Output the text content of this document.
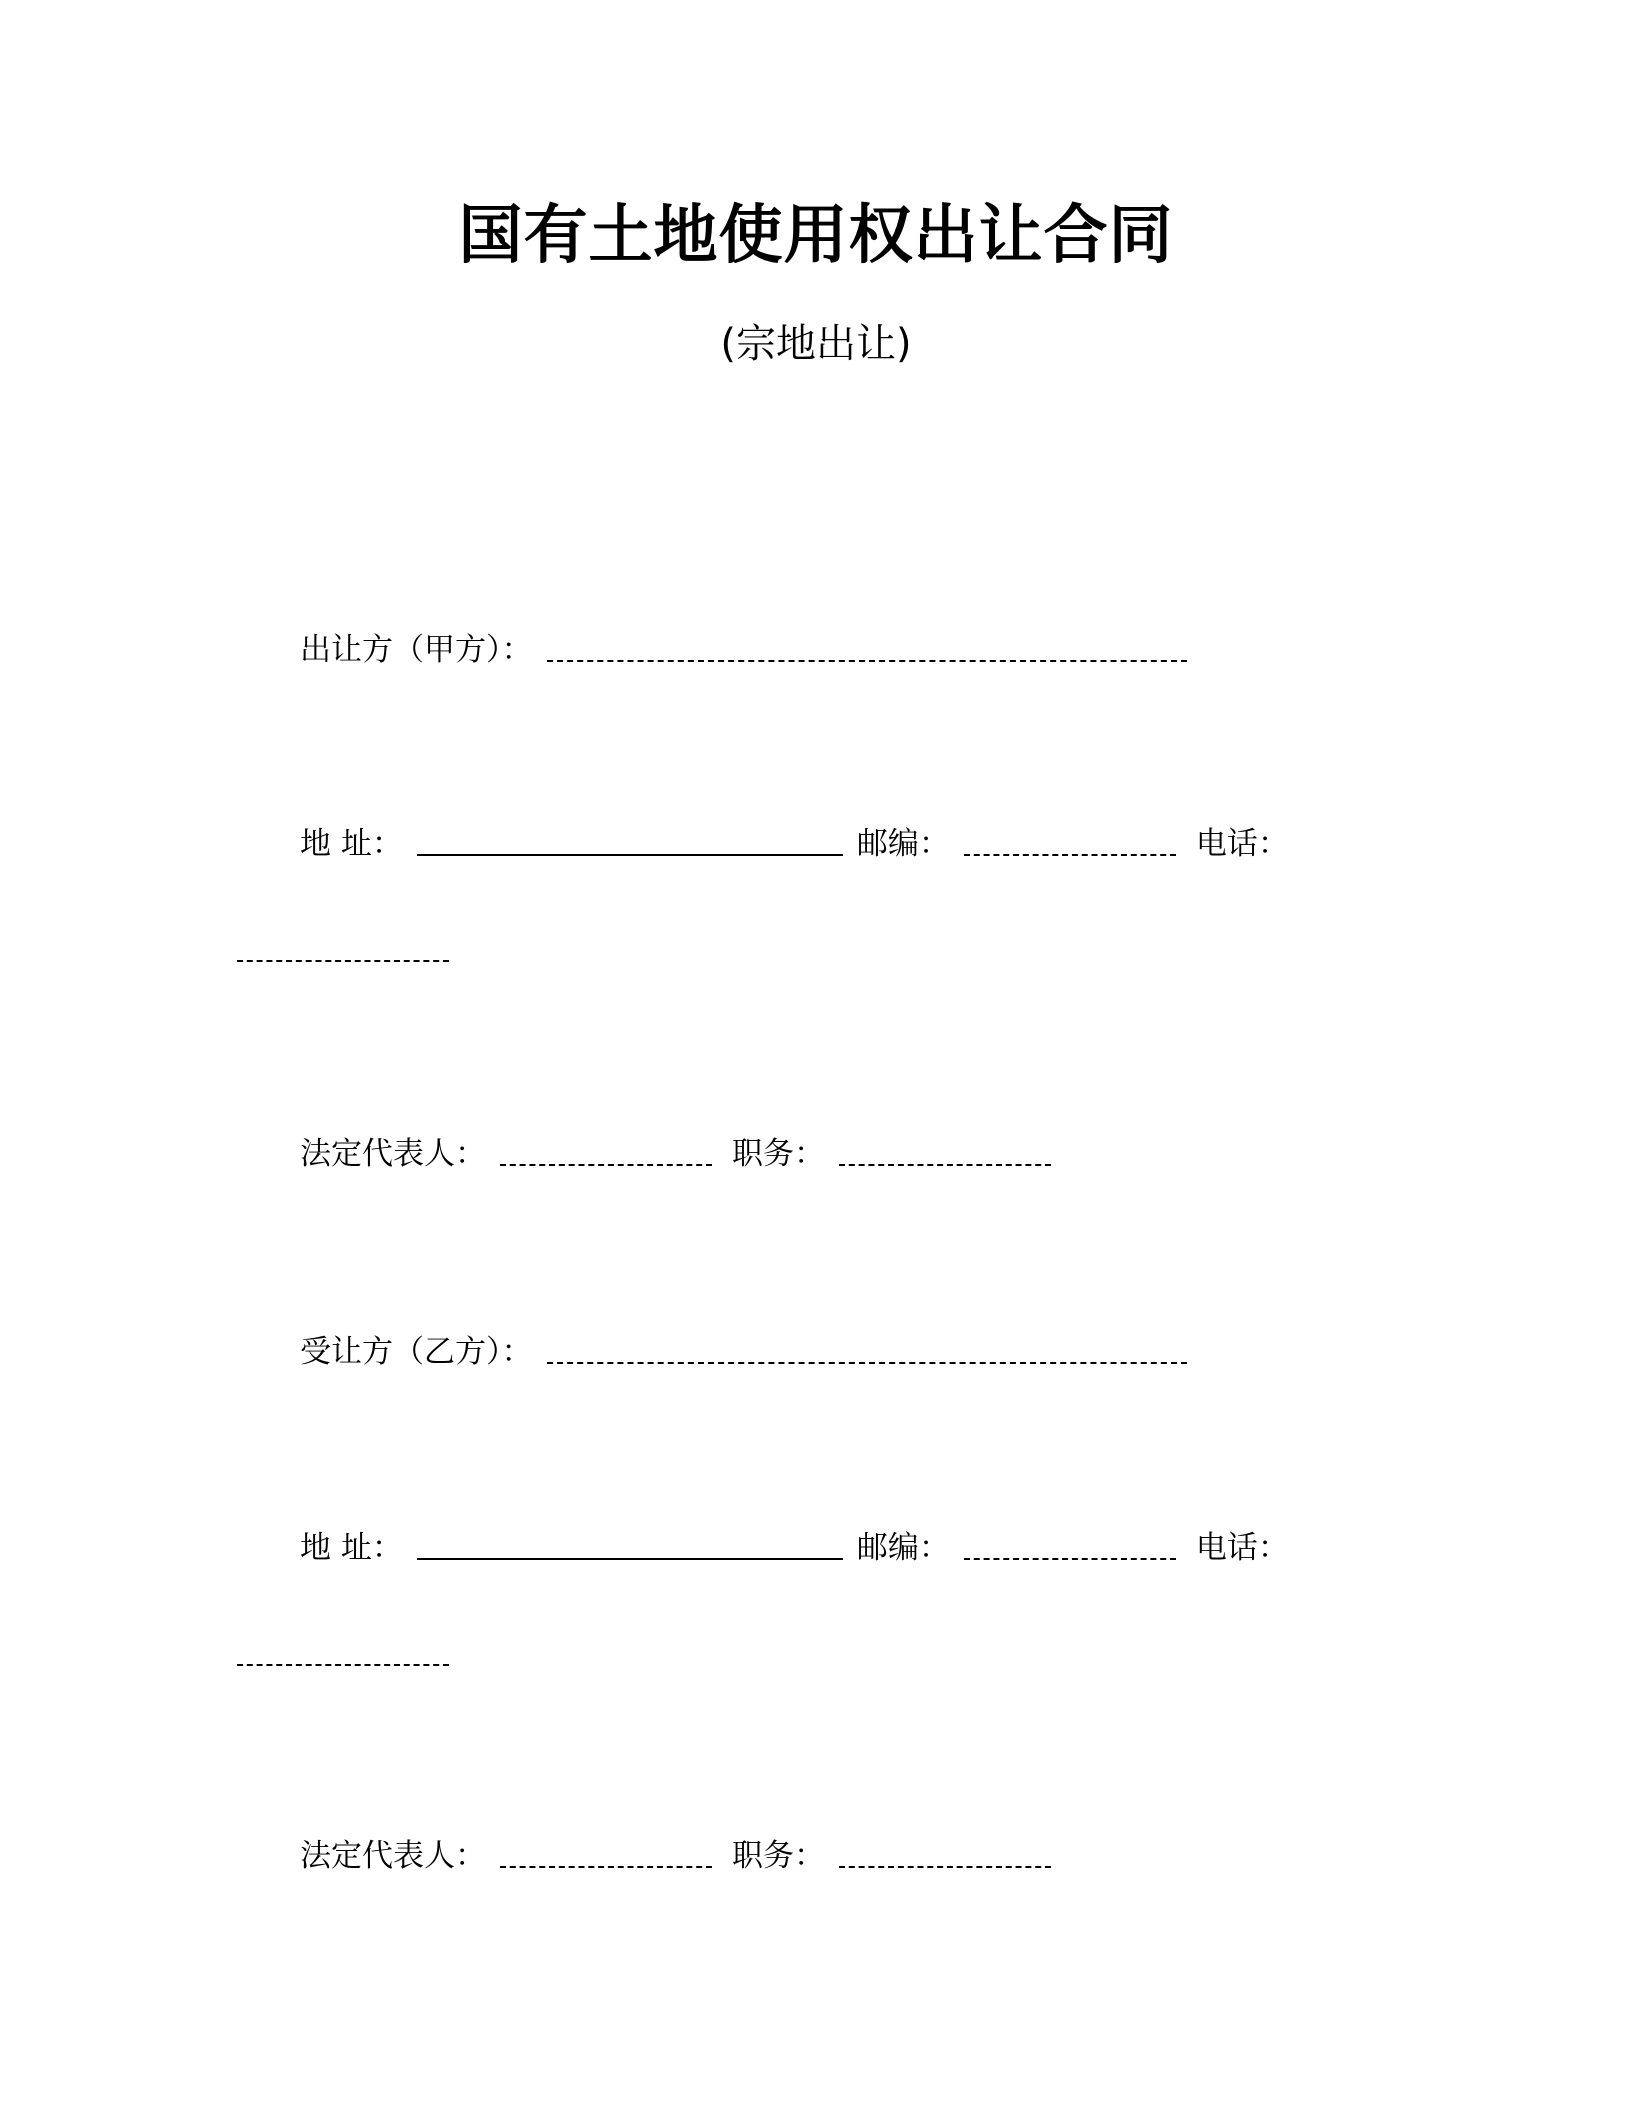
国有土地使用权出让合同
(宗地出让)
出让方（甲方）：
地 址：	邮编：	电话：
法定代表人：	职务：
受让方（乙方）：
地 址：	邮编：	电话：
法定代表人：	职务：
